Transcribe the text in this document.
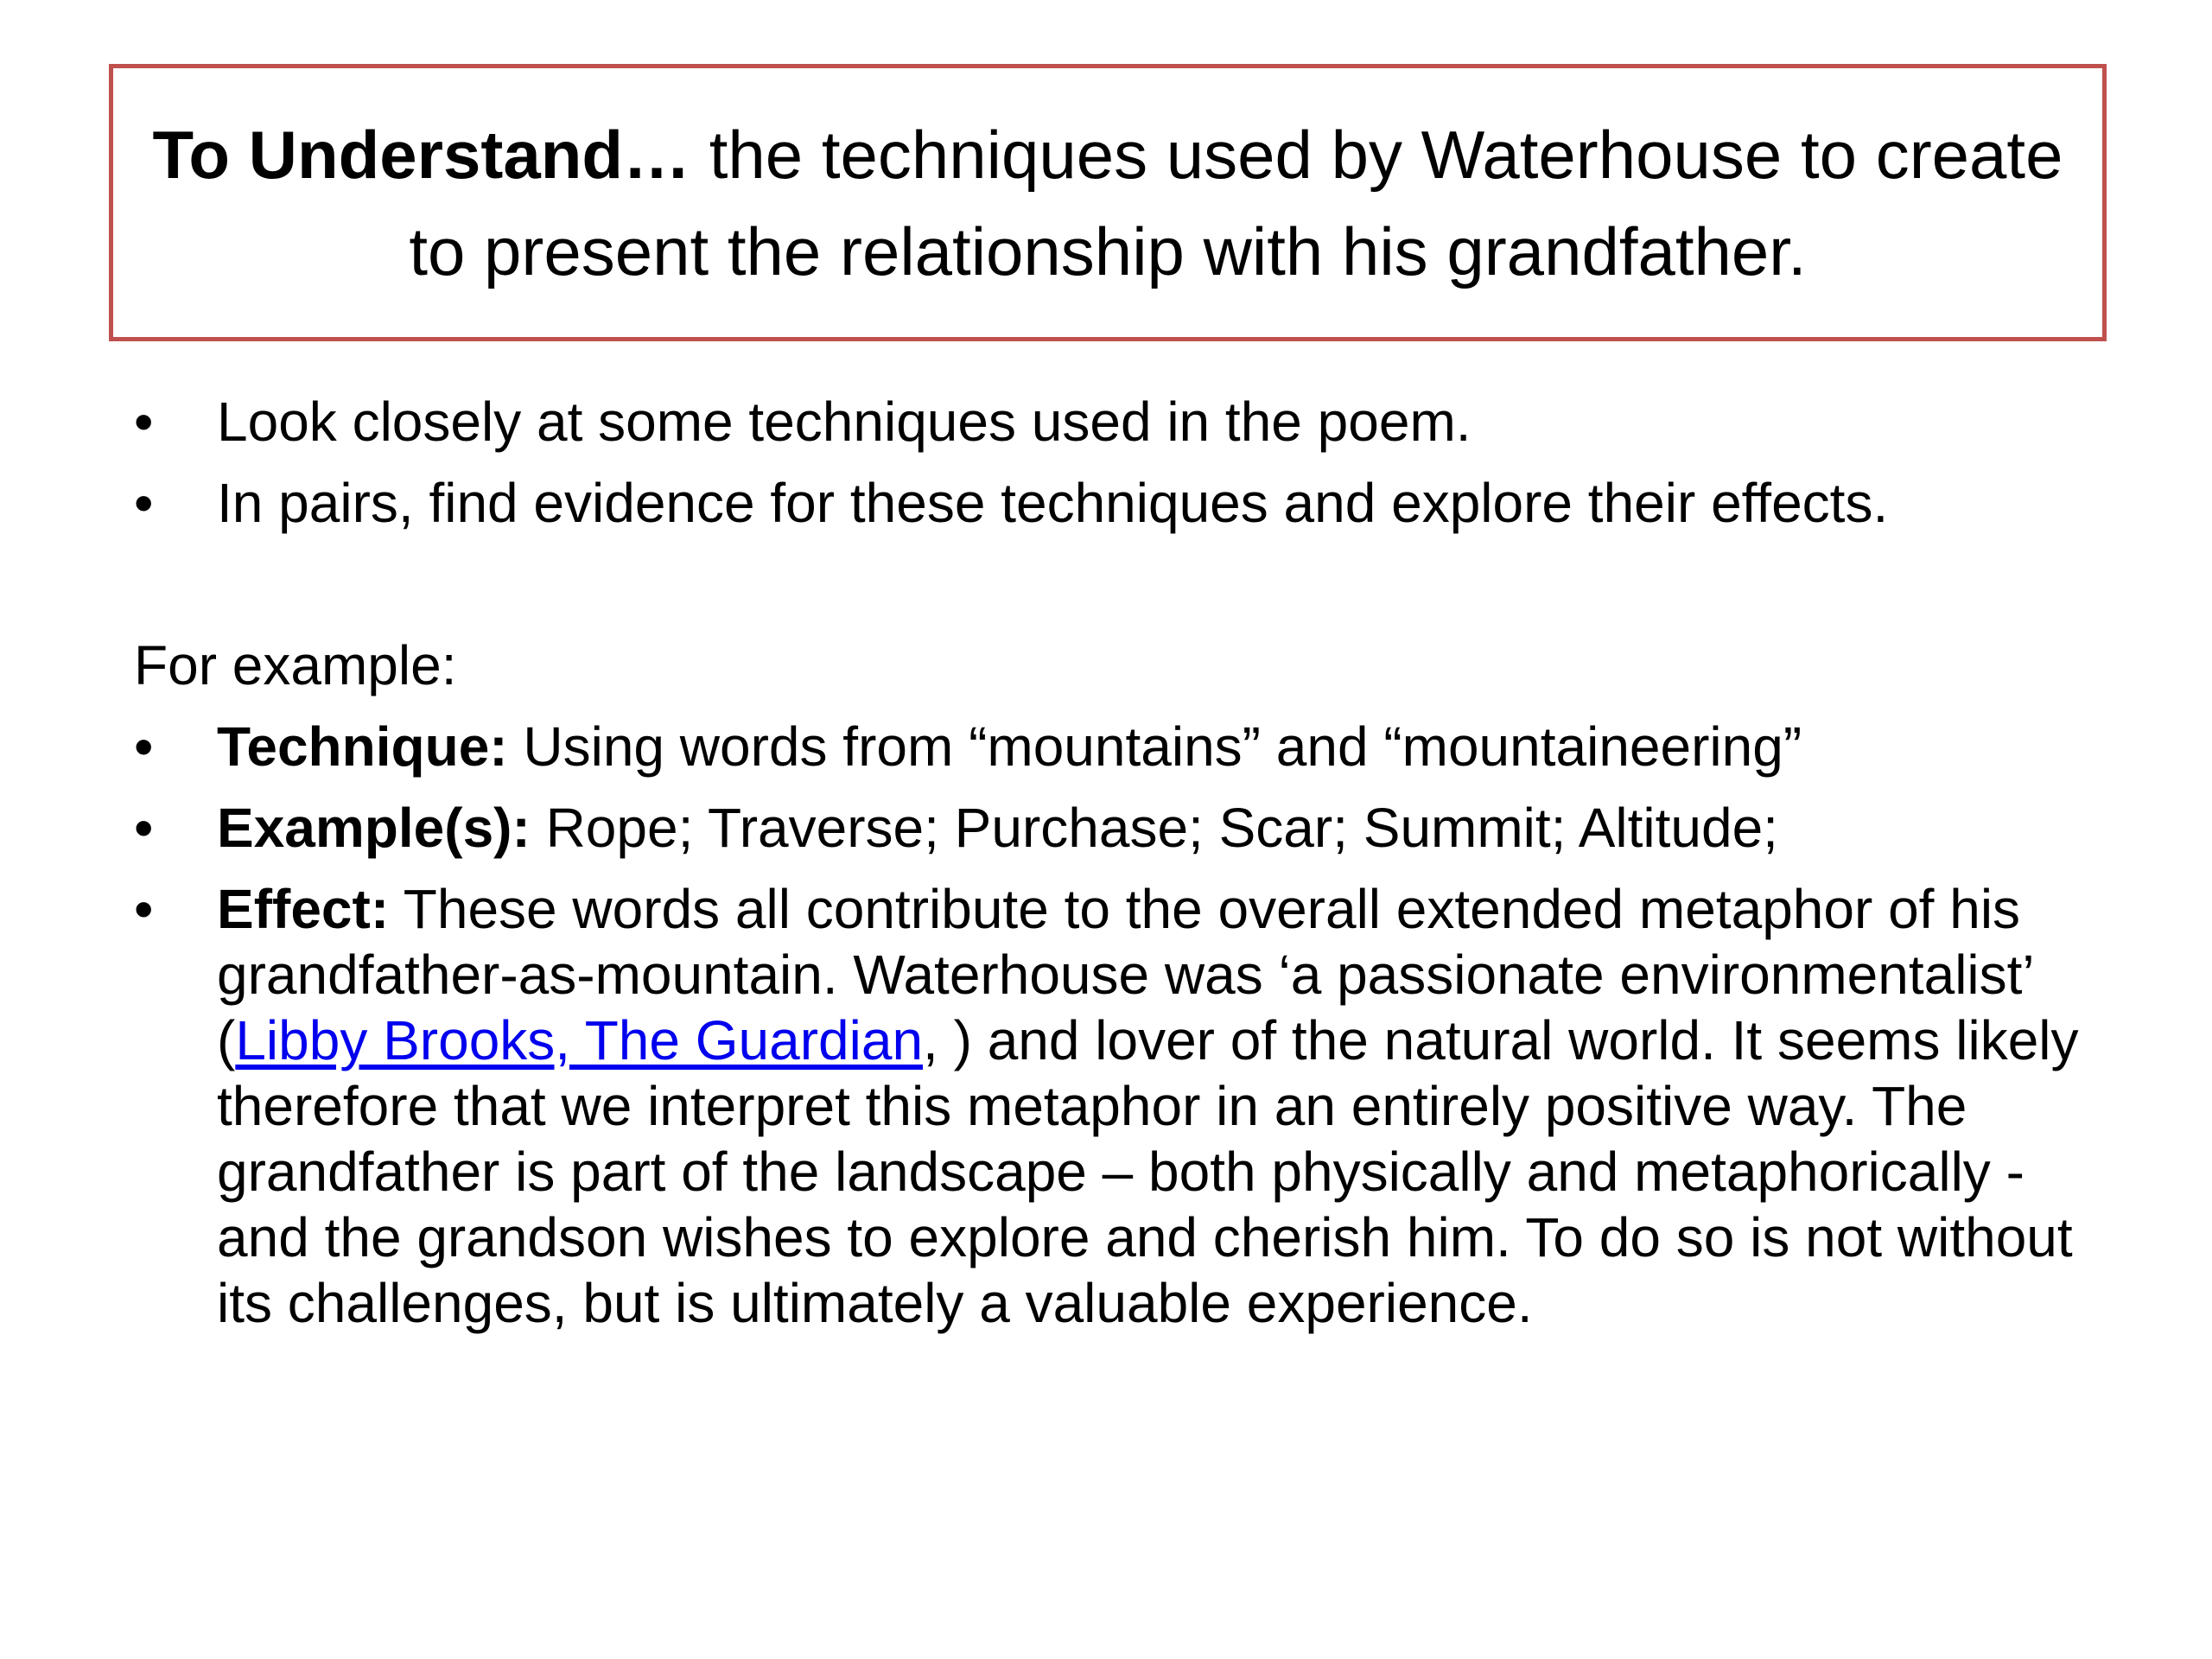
To Understand… the techniques used by Waterhouse to create to present the relationship with his grandfather.

• Look closely at some techniques used in the poem.
• In pairs, find evidence for these techniques and explore their effects.

For example:

• Technique: Using words from “mountains” and “mountaineering”
• Example(s): Rope; Traverse; Purchase; Scar; Summit; Altitude;
• Effect: These words all contribute to the overall extended metaphor of his grandfather-as-mountain. Waterhouse was ‘a passionate environmentalist’ (Libby Brooks, The Guardian, ) and lover of the natural world. It seems likely therefore that we interpret this metaphor in an entirely positive way. The grandfather is part of the landscape – both physically and metaphorically - and the grandson wishes to explore and cherish him. To do so is not without its challenges, but is ultimately a valuable experience.
